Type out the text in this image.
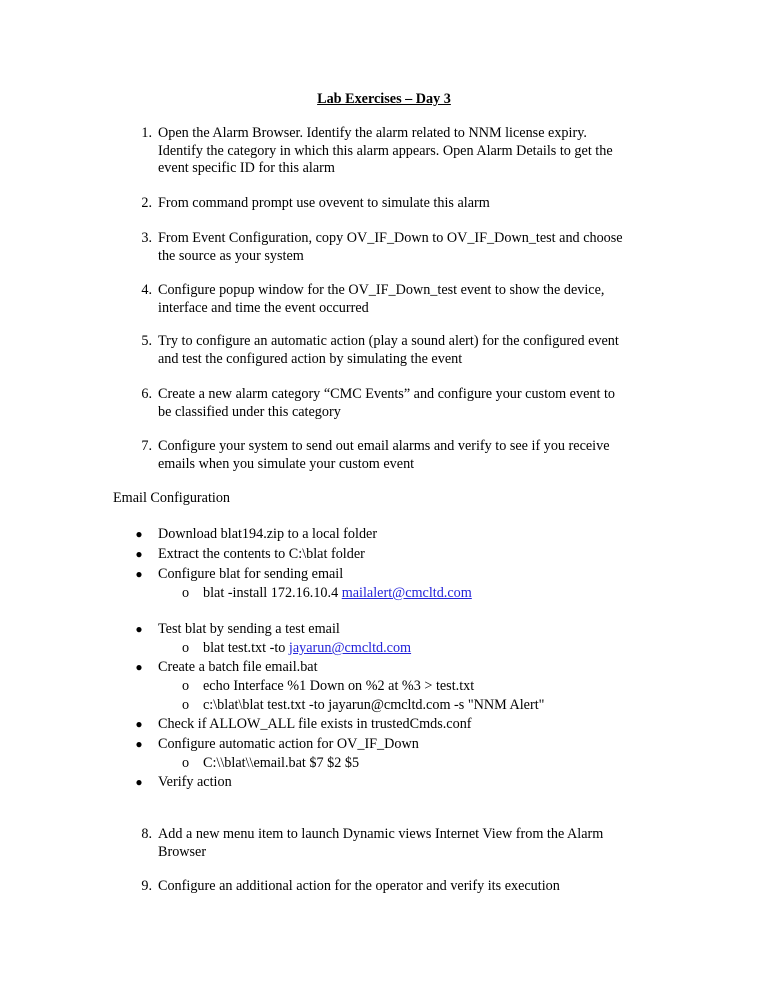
Lab Exercises – Day 3
1. Open the Alarm Browser. Identify the alarm related to NNM license expiry.
Identify the category in which this alarm appears. Open Alarm Details to get the
event specific ID for this alarm
2. From command prompt use ovevent to simulate this alarm
3. From Event Configuration, copy OV_IF_Down to OV_IF_Down_test and choose
the source as your system
4. Configure popup window for the OV_IF_Down_test event to show the device,
interface and time the event occurred
5. Try to configure an automatic action (play a sound alert) for the configured event
and test the configured action by simulating the event
6. Create a new alarm category “CMC Events” and configure your custom event to
be classified under this category
7. Configure your system to send out email alarms and verify to see if you receive
emails when you simulate your custom event
Email Configuration
● Download blat194.zip to a local folder
● Extract the contents to C:\blat folder
● Configure blat for sending email
o blat -install 172.16.10.4 mailalert@cmcltd.com
● Test blat by sending a test email
o blat test.txt -to jayarun@cmcltd.com
● Create a batch file email.bat
o echo Interface %1 Down on %2 at %3 > test.txt
o c:\blat\blat test.txt -to jayarun@cmcltd.com -s "NNM Alert"
● Check if ALLOW_ALL file exists in trustedCmds.conf
● Configure automatic action for OV_IF_Down
o C:\\blat\\email.bat $7 $2 $5
● Verify action
8. Add a new menu item to launch Dynamic views Internet View from the Alarm
Browser
9. Configure an additional action for the operator and verify its execution
